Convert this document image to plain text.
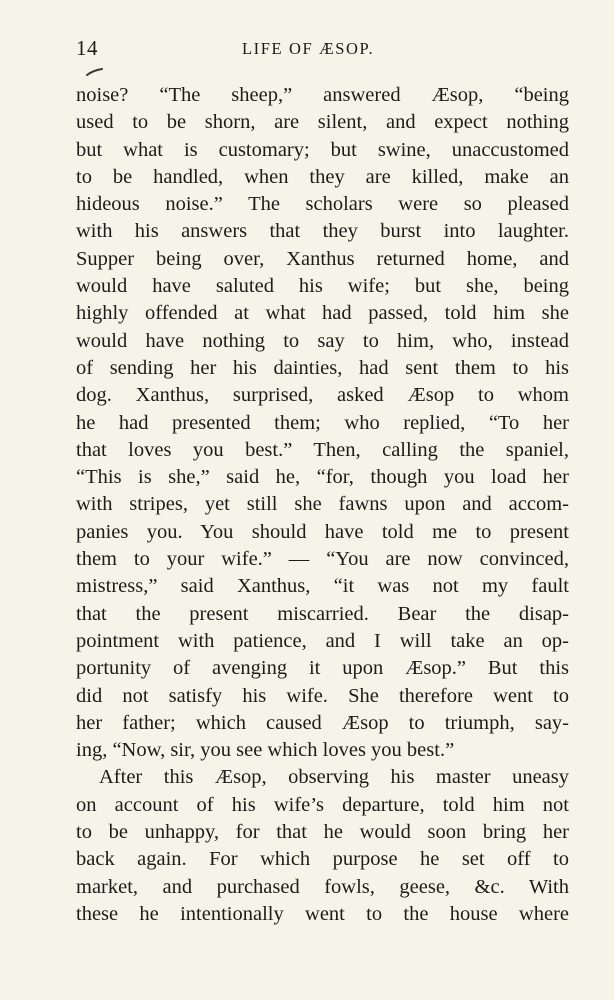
14	LIFE OF ÆSOP.
noise? “The sheep,” answered Æsop, “being
used to be shorn, are silent, and expect nothing
but what is customary; but swine, unaccustomed
to be handled, when they are killed, make an
hideous noise.” The scholars were so pleased
with his answers that they burst into laughter.
Supper being over, Xanthus returned home, and
would have saluted his wife; but she, being
highly offended at what had passed, told him she
would have nothing to say to him, who, instead
of sending her his dainties, had sent them to his
dog. Xanthus, surprised, asked Æsop to whom
he had presented them; who replied, “To her
that loves you best.” Then, calling the spaniel,
“This is she,” said he, “for, though you load her
with stripes, yet still she fawns upon and accom-
panies you. You should have told me to present
them to your wife.” — “You are now convinced,
mistress,” said Xanthus, “it was not my fault
that the present miscarried. Bear the disap-
pointment with patience, and I will take an op-
portunity of avenging it upon Æsop.” But this
did not satisfy his wife. She therefore went to
her father; which caused Æsop to triumph, say-
ing, “Now, sir, you see which loves you best.”
After this Æsop, observing his master uneasy
on account of his wife’s departure, told him not
to be unhappy, for that he would soon bring her
back again. For which purpose he set off to
market, and purchased fowls, geese, &c. With
these he intentionally went to the house where
